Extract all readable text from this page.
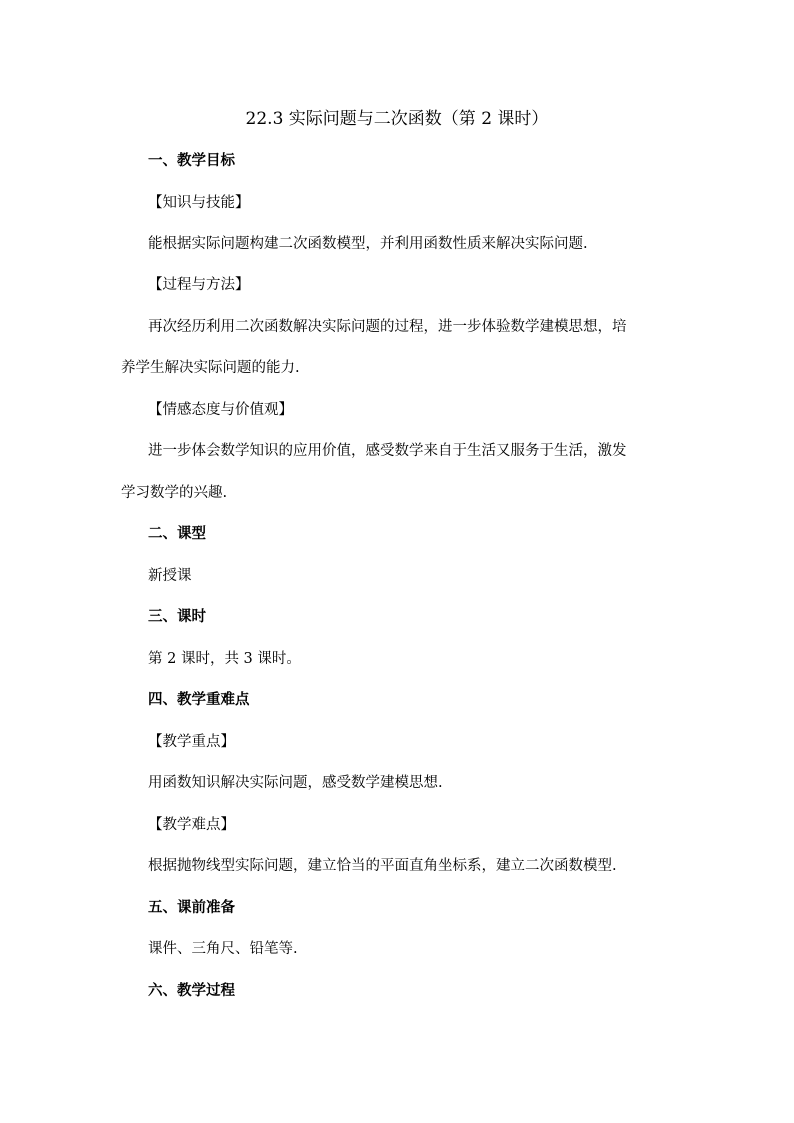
22.3 实际问题与二次函数（第 2 课时）
一、教学目标
【知识与技能】
能根据实际问题构建二次函数模型，并利用函数性质来解决实际问题.
【过程与方法】
再次经历利用二次函数解决实际问题的过程，进一步体验数学建模思想，培
养学生解决实际问题的能力.
【情感态度与价值观】
进一步体会数学知识的应用价值，感受数学来自于生活又服务于生活，激发
学习数学的兴趣.
二、课型
新授课
三、课时
第 2 课时，共 3 课时。
四、教学重难点
【教学重点】
用函数知识解决实际问题，感受数学建模思想.
【教学难点】
根据抛物线型实际问题，建立恰当的平面直角坐标系，建立二次函数模型.
五、课前准备
课件、三角尺、铅笔等.
六、教学过程
